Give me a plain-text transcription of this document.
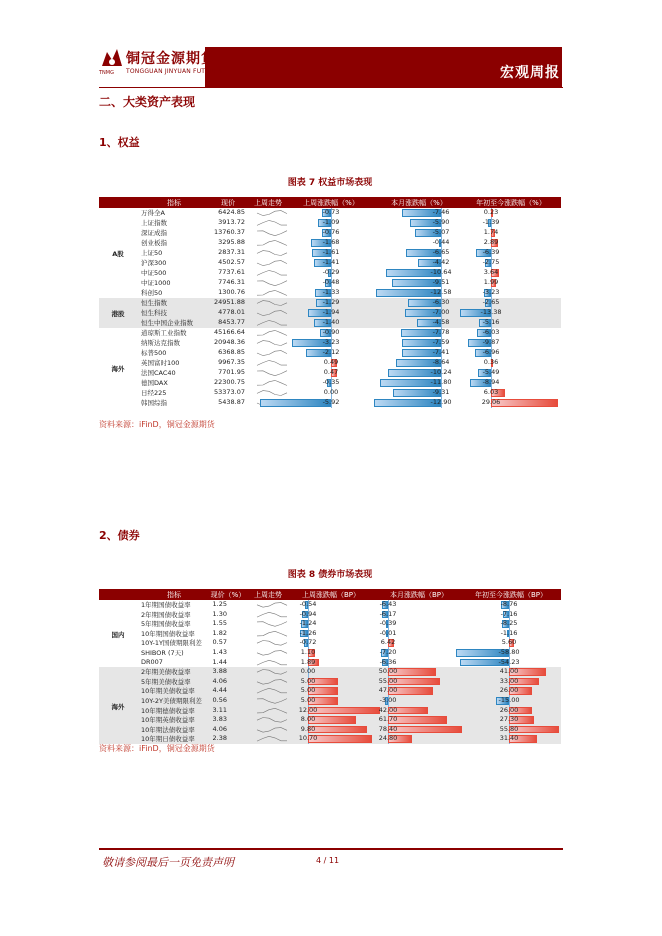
宏观周报
铜冠金源期货
TONGGUAN JINYUAN FUTURES
TNMG
二、大类资产表现
1、权益
图表 7 权益市场表现
指标	现价	上周走势	上周涨跌幅（%）	本月涨跌幅（%）	年初至今涨跌幅（%）
A股
万得全A	6424.85	-0.73	-7.46	0.23
上证指数	3913.72	-1.09	-5.90	-1.39
深证成指	13760.37	-0.76	-5.07	1.74
创业板指	3295.88	-1.68	-0.44	2.89
上证50	2837.31	-1.61	-6.65	-6.39
沪深300	4502.57	-1.41	-4.42	-2.75
中证500	7737.61	-0.29	-10.64	3.64
中证1000	7746.31	-0.48	-9.51	1.99
科创50	1300.76	-1.33	-12.58	-3.23
港股
恒生指数	24951.88	-1.29	-6.30	-2.65
恒生科技	4778.01	-1.94	-7.00	-13.38
恒生中国企业指数	8453.77	-1.40	-4.58	-5.16
海外
道琼斯工业指数	45166.64	-0.90	-7.78	-6.03
纳斯达克指数	20948.36	-3.23	-7.59	-9.87
标普500	6368.85	-2.12	-7.41	-6.96
英国富时100	9967.35	0.49	-8.64	0.36
法国CAC40	7701.95	0.47	-10.24	-5.49
德国DAX	22300.75	-0.35	-11.80	-8.94
日经225	53373.07	0.00	-9.31	6.03
韩国综指	5438.87	-5.92	-12.90	29.06
资料来源：iFinD，铜冠金源期货
2、债券
图表 8 债券市场表现
指标	现价（%）	上周走势	上周涨跌幅（BP）	本月涨跌幅（BP）	年初至今涨跌幅（BP）
国内
1年期国债收益率	1.25	-0.54	-6.43	-8.76
2年期国债收益率	1.30	-0.94	-6.17	-7.16
5年期国债收益率	1.55	-1.24	-0.39	-8.25
10年期国债收益率	1.82	-1.26	-0.01	-1.16
10Y-1Y国债期限利差	0.57	-0.72	6.42	5.60
SHIBOR (7天)	1.43	1.10	-7.20	-58.80
DR007	1.44	1.89	-6.36	-54.23
海外
2年期美债收益率	3.88	0.00	50.00	41.00
5年期美债收益率	4.06	5.00	55.00	33.00
10年期美债收益率	4.44	5.00	47.00	26.00
10Y-2Y美债期限利差	0.56	5.00	-3.00	-15.00
10年期德债收益率	3.11	12.00	42.00	26.00
10年期英债收益率	3.83	8.00	61.70	27.30
10年期法债收益率	4.06	9.80	78.40	55.80
10年期日债收益率	2.38	10.70	24.80	31.40
资料来源：iFinD，铜冠金源期货
敬请参阅最后一页免责声明	4 / 11
